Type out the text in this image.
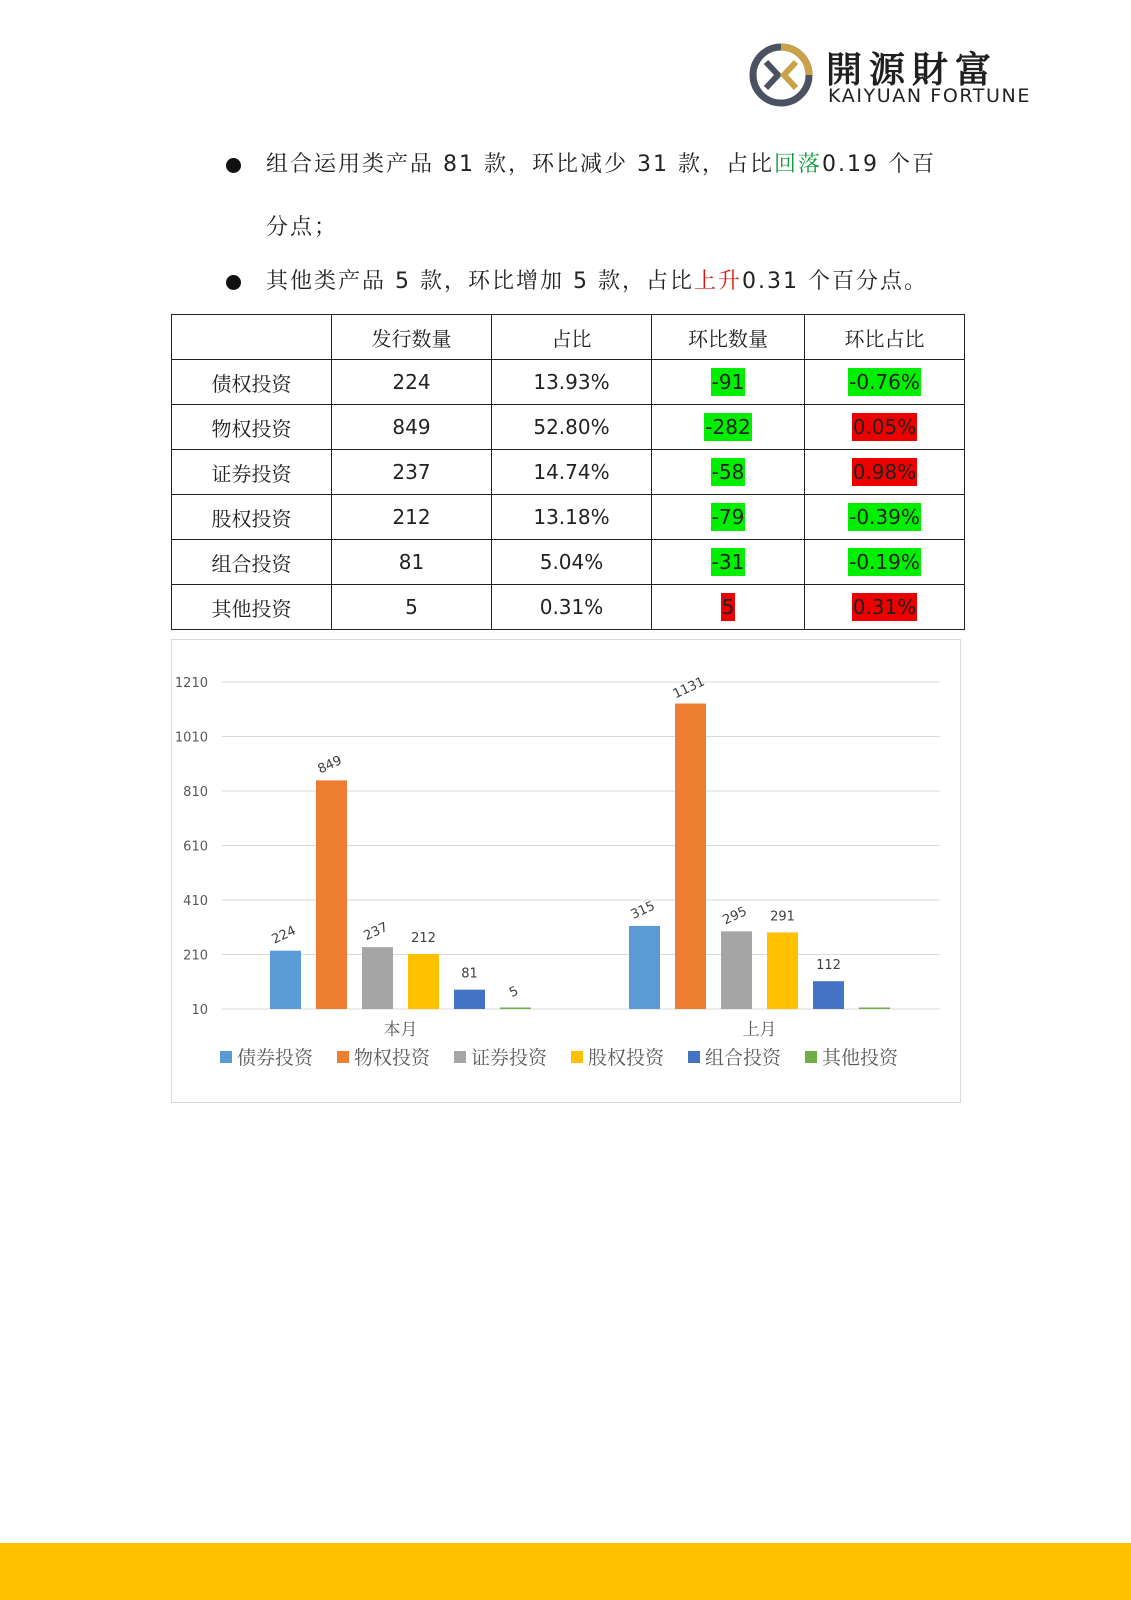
開源財富
KAIYUAN FORTUNE
组合运用类产品 81 款，环比减少 31 款，占比回落0.19 个百
分点；
其他类产品 5 款，环比增加 5 款，占比上升0.31 个百分点。
	发行数量	占比	环比数量	环比占比
债权投资	224	13.93%	-91	-0.76%
物权投资	849	52.80%	-282	0.05%
证券投资	237	14.74%	-58	0.98%
股权投资	212	13.18%	-79	-0.39%
组合投资	81	5.04%	-31	-0.19%
其他投资	5	0.31%	5	0.31%
10
210
410
610
810
1010
1210
224
849
237 212
81
5
本月
315
1131
295 291
112
上月
债券投资 物权投资 证券投资 股权投资 组合投资 其他投资
